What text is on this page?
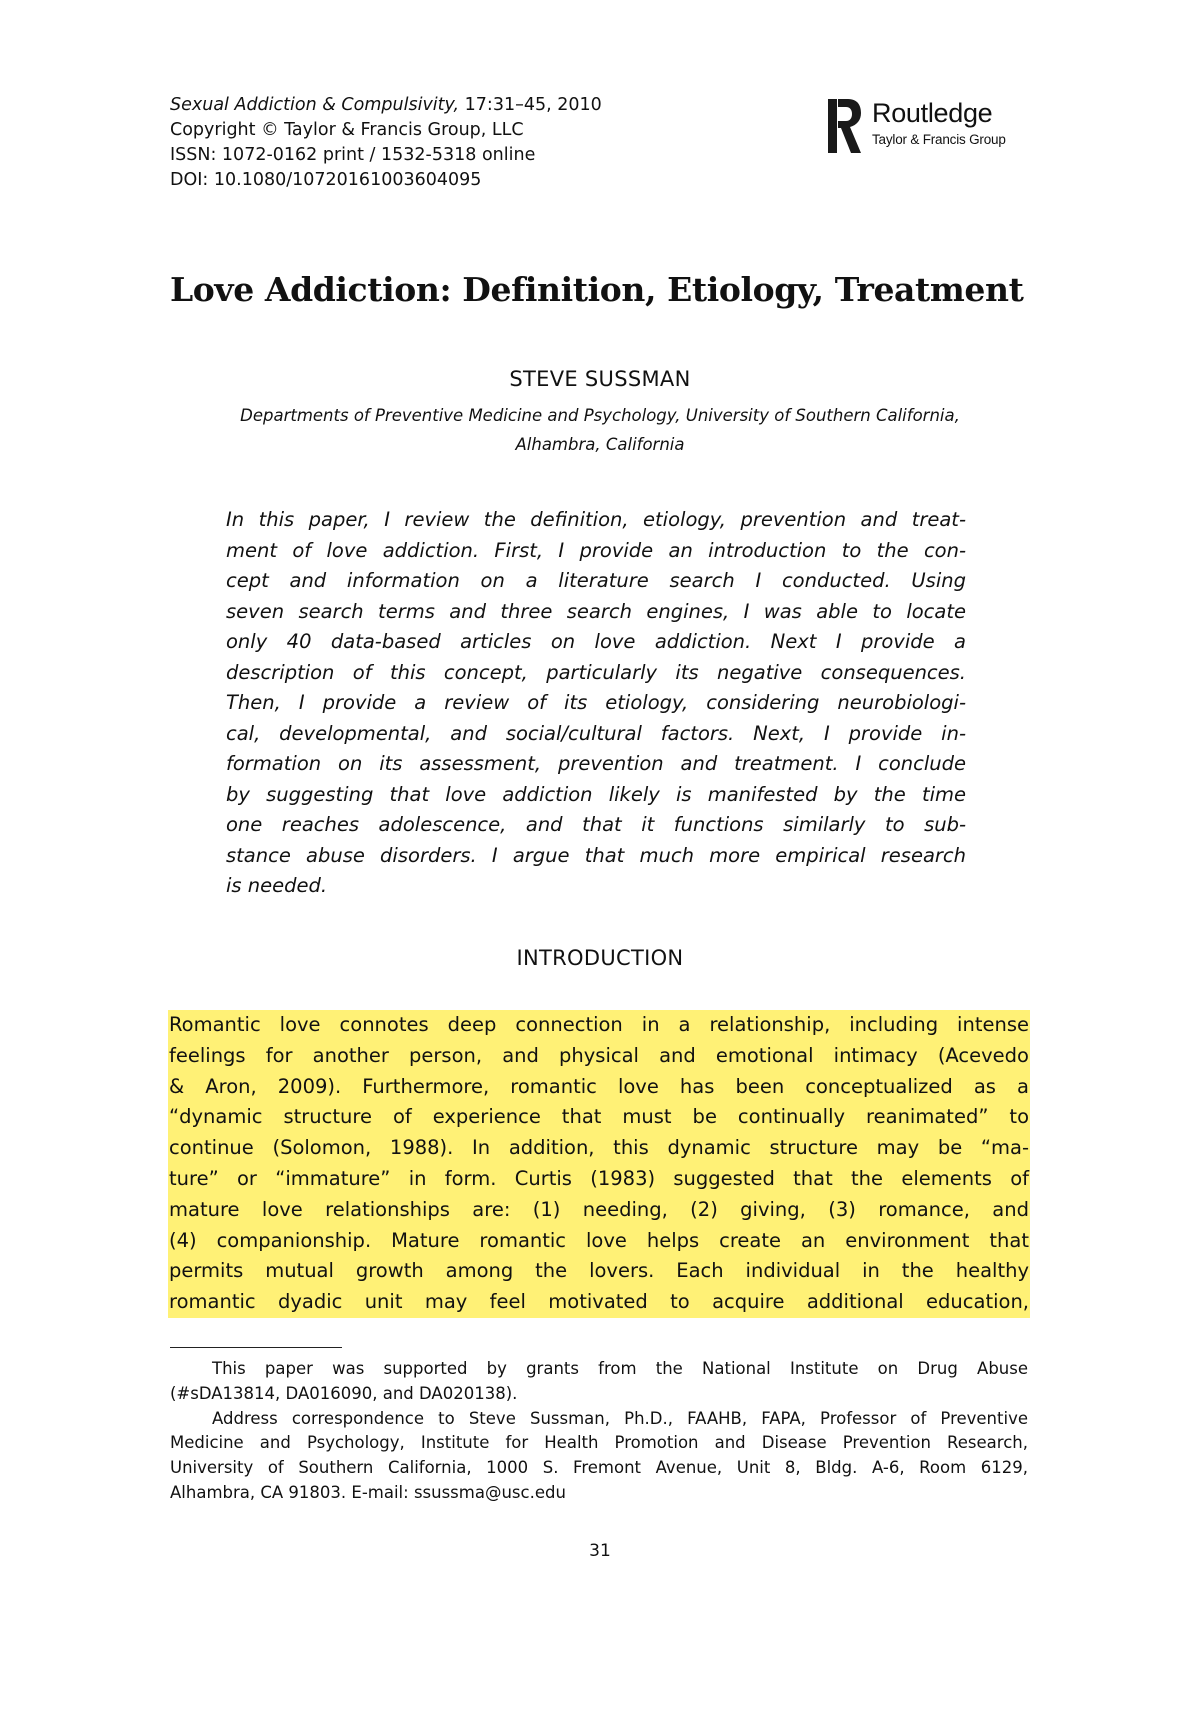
Sexual Addiction & Compulsivity, 17:31–45, 2010
Copyright © Taylor & Francis Group, LLC
ISSN: 1072-0162 print / 1532-5318 online
DOI: 10.1080/10720161003604095
Routledge
Taylor & Francis Group
Love Addiction: Definition, Etiology, Treatment
STEVE SUSSMAN
Departments of Preventive Medicine and Psychology, University of Southern California,
Alhambra, California
In this paper, I review the definition, etiology, prevention and treat-
ment of love addiction. First, I provide an introduction to the con-
cept and information on a literature search I conducted. Using
seven search terms and three search engines, I was able to locate
only 40 data-based articles on love addiction. Next I provide a
description of this concept, particularly its negative consequences.
Then, I provide a review of its etiology, considering neurobiologi-
cal, developmental, and social/cultural factors. Next, I provide in-
formation on its assessment, prevention and treatment. I conclude
by suggesting that love addiction likely is manifested by the time
one reaches adolescence, and that it functions similarly to sub-
stance abuse disorders. I argue that much more empirical research
is needed.
INTRODUCTION
Romantic love connotes deep connection in a relationship, including intense
feelings for another person, and physical and emotional intimacy (Acevedo
& Aron, 2009). Furthermore, romantic love has been conceptualized as a
“dynamic structure of experience that must be continually reanimated” to
continue (Solomon, 1988). In addition, this dynamic structure may be “ma-
ture” or “immature” in form. Curtis (1983) suggested that the elements of
mature love relationships are: (1) needing, (2) giving, (3) romance, and
(4) companionship. Mature romantic love helps create an environment that
permits mutual growth among the lovers. Each individual in the healthy
romantic dyadic unit may feel motivated to acquire additional education,
This paper was supported by grants from the National Institute on Drug Abuse
(#sDA13814, DA016090, and DA020138).
Address correspondence to Steve Sussman, Ph.D., FAAHB, FAPA, Professor of Preventive
Medicine and Psychology, Institute for Health Promotion and Disease Prevention Research,
University of Southern California, 1000 S. Fremont Avenue, Unit 8, Bldg. A-6, Room 6129,
Alhambra, CA 91803. E-mail: ssussma@usc.edu
31
